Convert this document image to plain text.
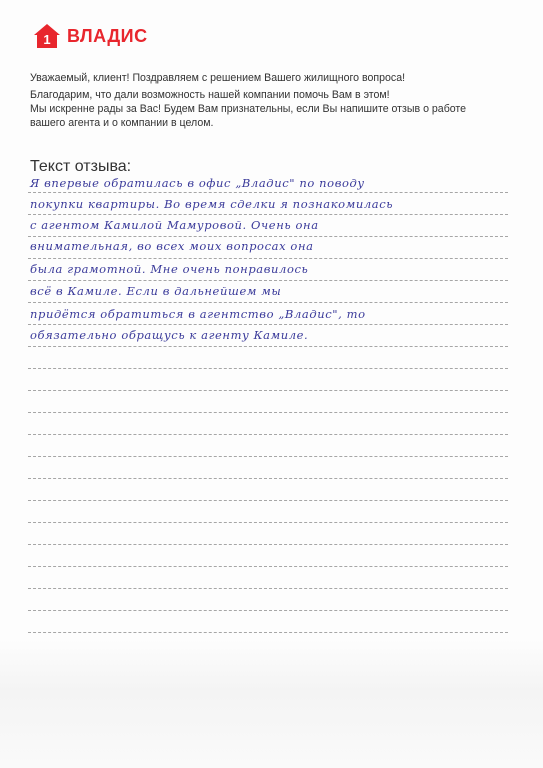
1 ВЛАДИС

Уважаемый, клиент! Поздравляем с решением Вашего жилищного вопроса!

Благодарим, что дали возможность нашей компании помочь Вам в этом!

Мы искренне рады за Вас! Будем Вам признательны, если Вы напишите отзыв о работе

вашего агента и о компании в целом.

Текст отзыва:
Я впервые обратилась в офис „Владис" по поводу
покупки квартиры. Во время сделки я познакомилась
с агентом Камилой Мамуровой. Очень она
внимательная, во всех моих вопросах она
была грамотной. Мне очень понравилось
всё в Камиле. Если в дальнейшем мы
придётся обратиться в агентство „Владис", то
обязательно обращусь к агенту Камиле.
